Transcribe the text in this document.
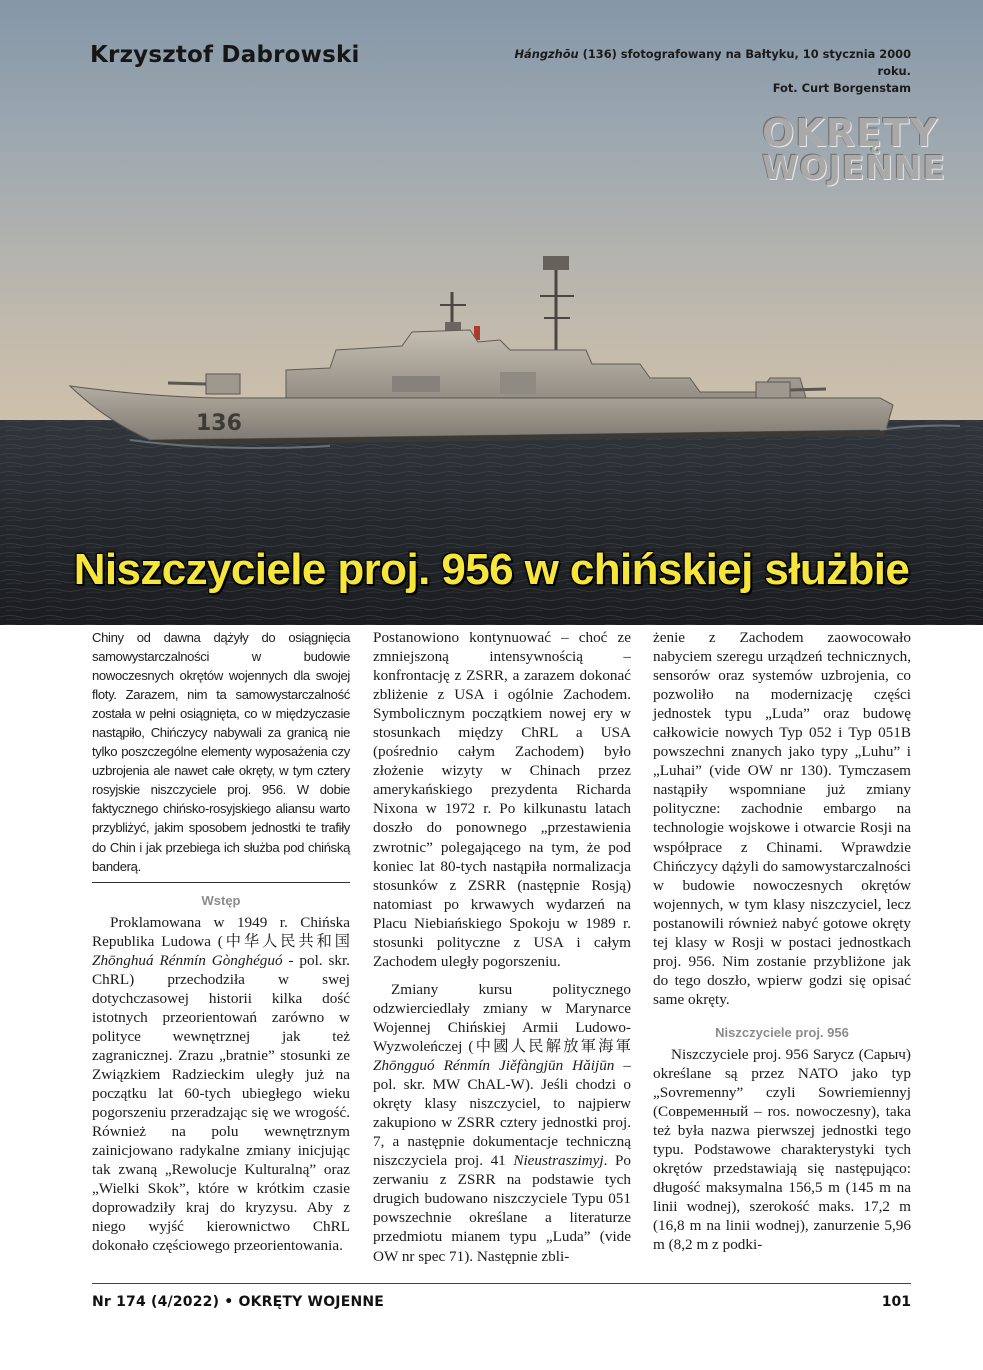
136
Krzysztof Dabrowski	Hángzhōu (136) sfotografowany na Bałtyku, 10 stycznia 2000 roku.
Fot. Curt Borgenstam
OKRĘTY
WOJENNE
Niszczyciele proj. 956 w chińskiej służbie
Chiny od dawna dążyły do osiągnięcia samowystarczalności w budowie nowoczesnych okrętów wojennych dla swojej floty. Zarazem, nim ta samowystarczalność została w pełni osiągnięta, co w międzyczasie nastąpiło, Chińczycy nabywali za granicą nie tylko poszczególne elementy wyposażenia czy uzbrojenia ale nawet całe okręty, w tym cztery rosyjskie niszczyciele proj. 956. W dobie faktycznego chińsko-rosyjskiego aliansu warto przybliżyć, jakim sposobem jednostki te trafiły do Chin i jak przebiega ich służba pod chińską banderą.
Wstęp

Proklamowana w 1949 r. Chińska Republika Ludowa (中华人民共和国 Zhōnghuá Rénmín Gònghéguó - pol. skr. ChRL) przechodziła w swej dotychczasowej historii kilka dość istotnych przeorientowań zarówno w polityce wewnętrznej jak też zagranicznej. Zrazu „bratnie” stosunki ze Związkiem Radzieckim uległy już na początku lat 60-tych ubiegłego wieku pogorszeniu przeradzając się we wrogość. Również na polu wewnętrznym zainicjowano radykalne zmiany inicjując tak zwaną „Rewolucje Kulturalną” oraz „Wielki Skok”, które w krótkim czasie doprowadziły kraj do kryzysu. Aby z niego wyjść kierownictwo ChRL dokonało częściowego przeorientowania.

Postanowiono kontynuować – choć ze zmniejszoną intensywnością – konfrontację z ZSRR, a zarazem dokonać zbliżenie z USA i ogólnie Zachodem. Symbolicznym początkiem nowej ery w stosunkach między ChRL a USA (pośrednio całym Zachodem) było złożenie wizyty w Chinach przez amerykańskiego prezydenta Richarda Nixona w 1972 r. Po kilkunastu latach doszło do ponownego „przestawienia zwrotnic” polegającego na tym, że pod koniec lat 80-tych nastąpiła normalizacja stosunków z ZSRR (następnie Rosją) natomiast po krwawych wydarzeń na Placu Niebiańskiego Spokoju w 1989 r. stosunki polityczne z USA i całym Zachodem uległy pogorszeniu.

Zmiany kursu politycznego odzwierciedlały zmiany w Marynarce Wojennej Chińskiej Armii Ludowo-Wyzwoleńczej (中國人民解放軍海軍 Zhōngguó Rénmín Jiěfàngjūn Hǎijūn – pol. skr. MW ChAL-W). Jeśli chodzi o okręty klasy niszczyciel, to najpierw zakupiono w ZSRR cztery jednostki proj. 7, a następnie dokumentacje techniczną niszczyciela proj. 41 Nieustraszimyj. Po zerwaniu z ZSRR na podstawie tych drugich budowano niszczyciele Typu 051 powszechnie określane a literaturze przedmiotu mianem typu „Luda” (vide OW nr spec 71). Następnie zbli-

żenie z Zachodem zaowocowało nabyciem szeregu urządzeń technicznych, sensorów oraz systemów uzbrojenia, co pozwoliło na modernizację części jednostek typu „Luda” oraz budowę całkowicie nowych Typ 052 i Typ 051B powszechni znanych jako typy „Luhu” i „Luhai” (vide OW nr 130). Tymczasem nastąpiły wspomniane już zmiany polityczne: zachodnie embargo na technologie wojskowe i otwarcie Rosji na współprace z Chinami. Wprawdzie Chińczycy dążyli do samowystarczalności w budowie nowoczesnych okrętów wojennych, w tym klasy niszczyciel, lecz postanowili również nabyć gotowe okręty tej klasy w Rosji w postaci jednostkach proj. 956. Nim zostanie przybliżone jak do tego doszło, wpierw godzi się opisać same okręty.

Niszczyciele proj. 956

Niszczyciele proj. 956 Sarycz (Сарыч) określane są przez NATO jako typ „Sovremenny” czyli Sowriemiennyj (Современный – ros. nowoczesny), taka też była nazwa pierwszej jednostki tego typu. Podstawowe charakterystyki tych okrętów przedstawiają się następująco: długość maksymalna 156,5 m (145 m na linii wodnej), szerokość maks. 17,2 m (16,8 m na linii wodnej), zanurzenie 5,96 m (8,2 m z podki-

Nr 174 (4/2022) • OKRĘTY WOJENNE	101
